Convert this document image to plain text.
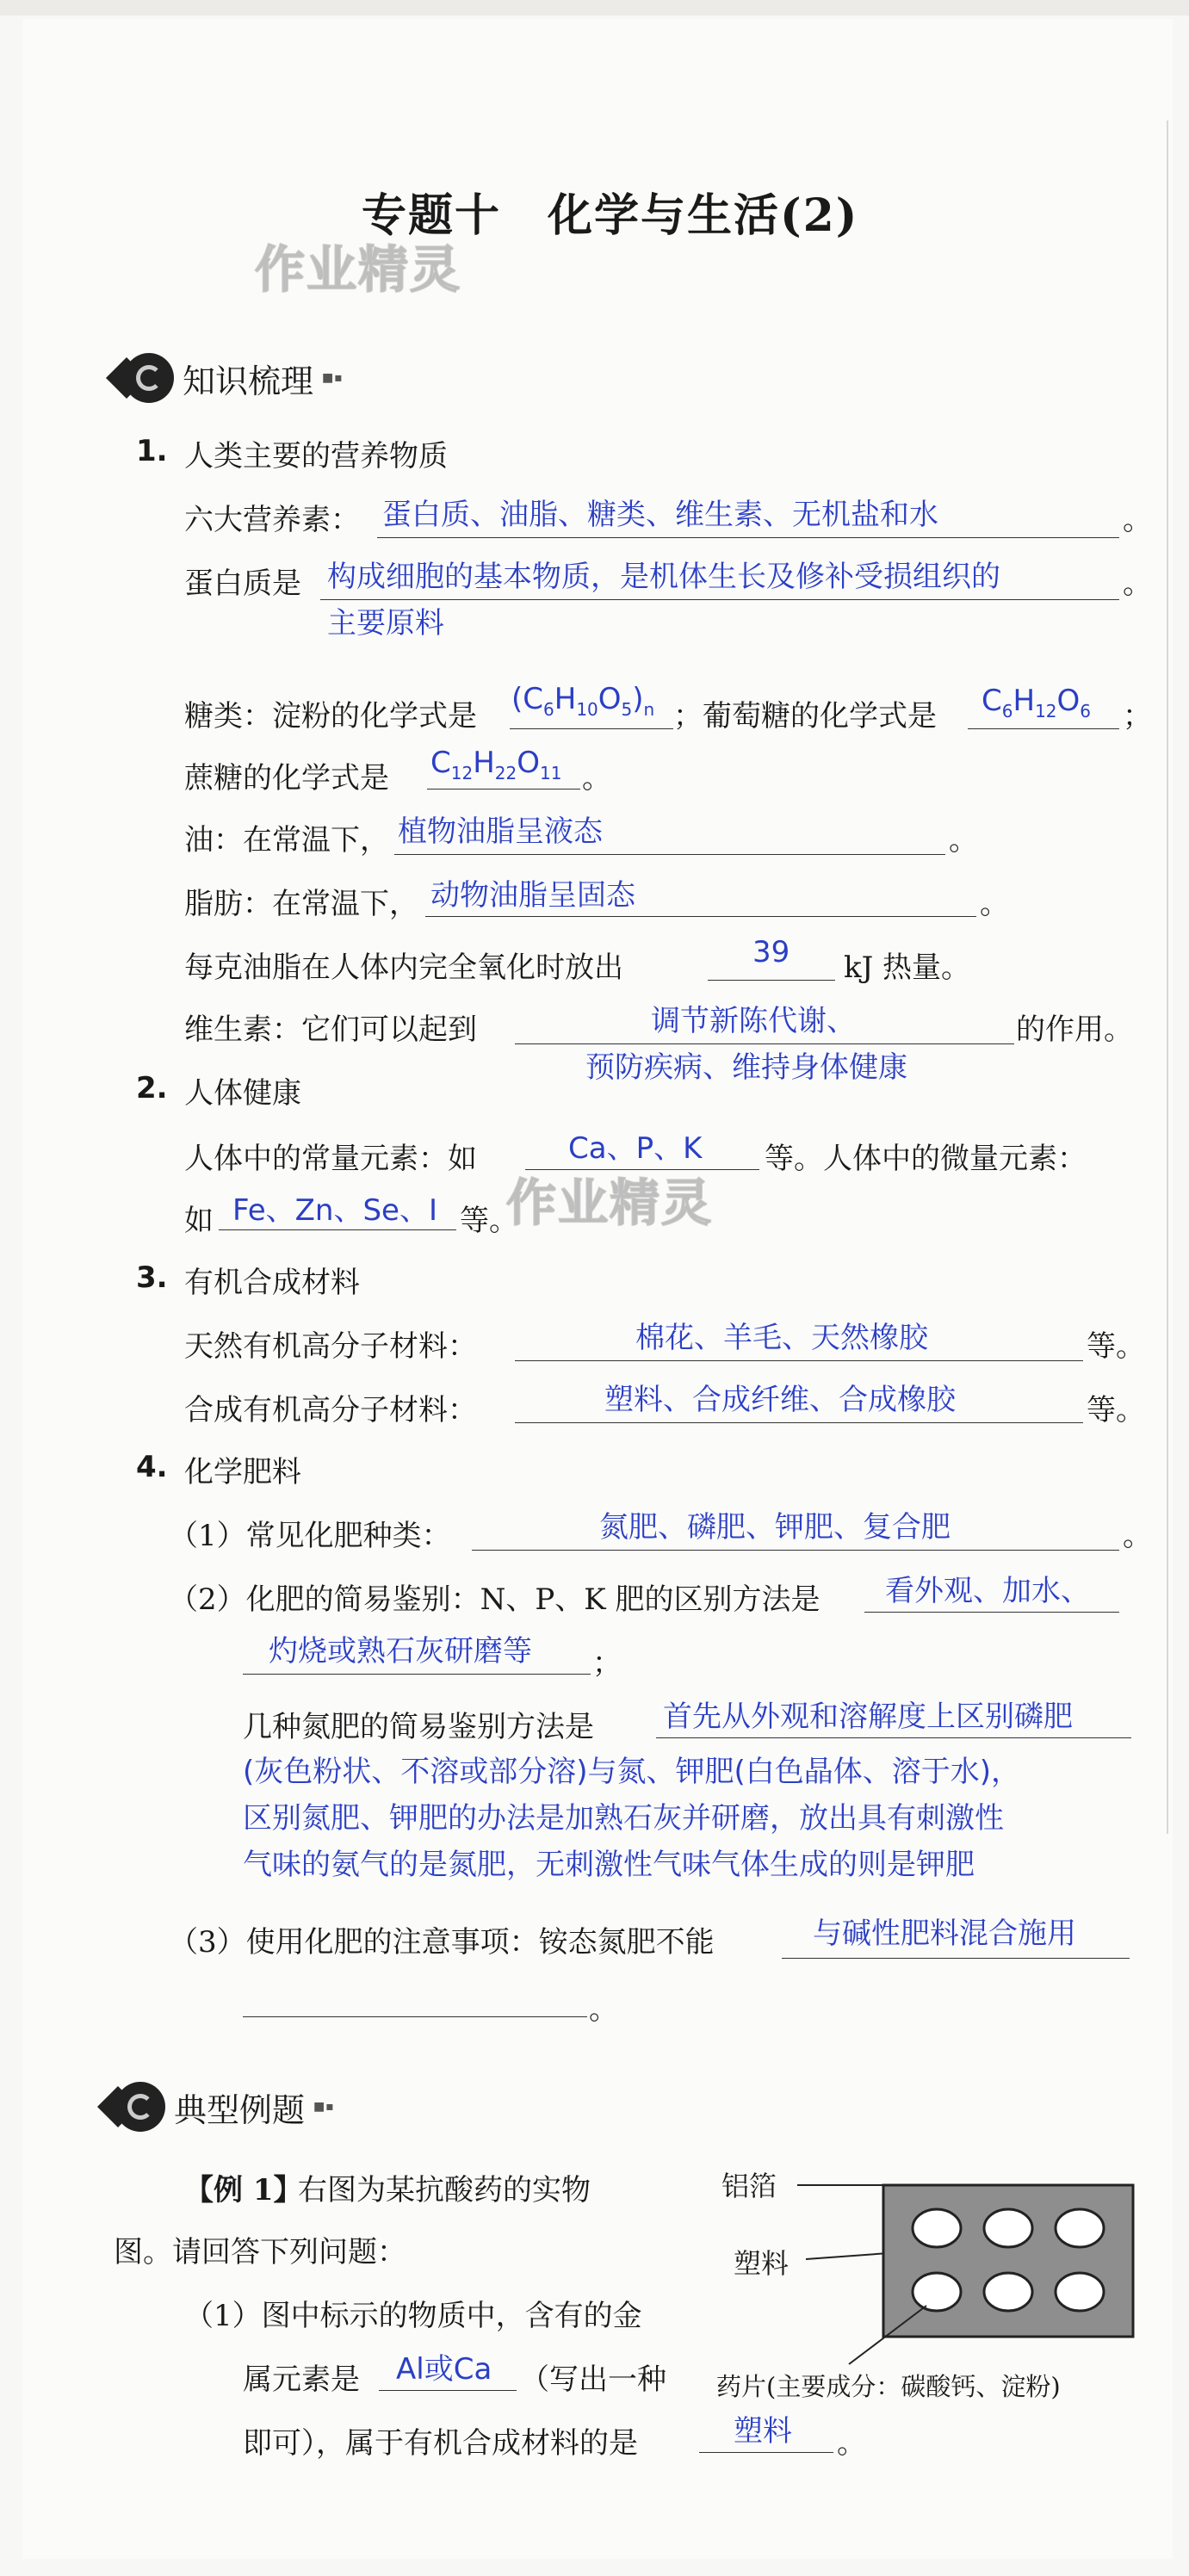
专题十　化学与生活(2)
作业精灵
知识梳理 ■▪
1. 人类主要的营养物质
六大营养素： 蛋白质、油脂、糖类、维生素、无机盐和水	。
蛋白质是 构成细胞的基本物质，是机体生长及修补受损组织的	。
主要原料
糖类：淀粉的化学式是 $(C_6H_{10}O_5)_n$ ；葡萄糖的化学式是 $C_6H_{12}O_6$ ；
蔗糖的化学式是 $C_{12}H_{22}O_{11}$ 。
油：在常温下， 植物油脂呈液态	。
脂肪：在常温下， 动物油脂呈固态	。
每克油脂在人体内完全氧化时放出	39 kJ 热量。
维生素：它们可以起到	调节新陈代谢、	的作用。
预防疾病、维持身体健康
2. 人体健康
人体中的常量元素：如	Ca、P、K 等。人体中的微量元素：
如 Fe、Zn、Se、I 等。
作业精灵
3. 有机合成材料
天然有机高分子材料：	棉花、羊毛、天然橡胶	等。
合成有机高分子材料：	塑料、合成纤维、合成橡胶	等。
4. 化学肥料
（1）常见化肥种类：	氮肥、磷肥、钾肥、复合肥	。
（2）化肥的简易鉴别：N、P、K 肥的区别方法是 看外观、加水、
灼烧或熟石灰研磨等 ；
几种氮肥的简易鉴别方法是 首先从外观和溶解度上区别磷肥
(灰色粉状、不溶或部分溶)与氮、钾肥(白色晶体、溶于水)，
区别氮肥、钾肥的办法是加熟石灰并研磨，放出具有刺激性
气味的氨气的是氮肥，无刺激性气味气体生成的则是钾肥
（3）使用化肥的注意事项：铵态氮肥不能	与碱性肥料混合施用
。
典型例题 ■▪
【例 1】
右图为某抗酸药的实物
图。请回答下列问题：
（1）图中标示的物质中，含有的金
属元素是 Al或Ca （写出一种
即可），属于有机合成材料的是	塑料 。
铝箔
塑料
药片(主要成分：碳酸钙、淀粉)
